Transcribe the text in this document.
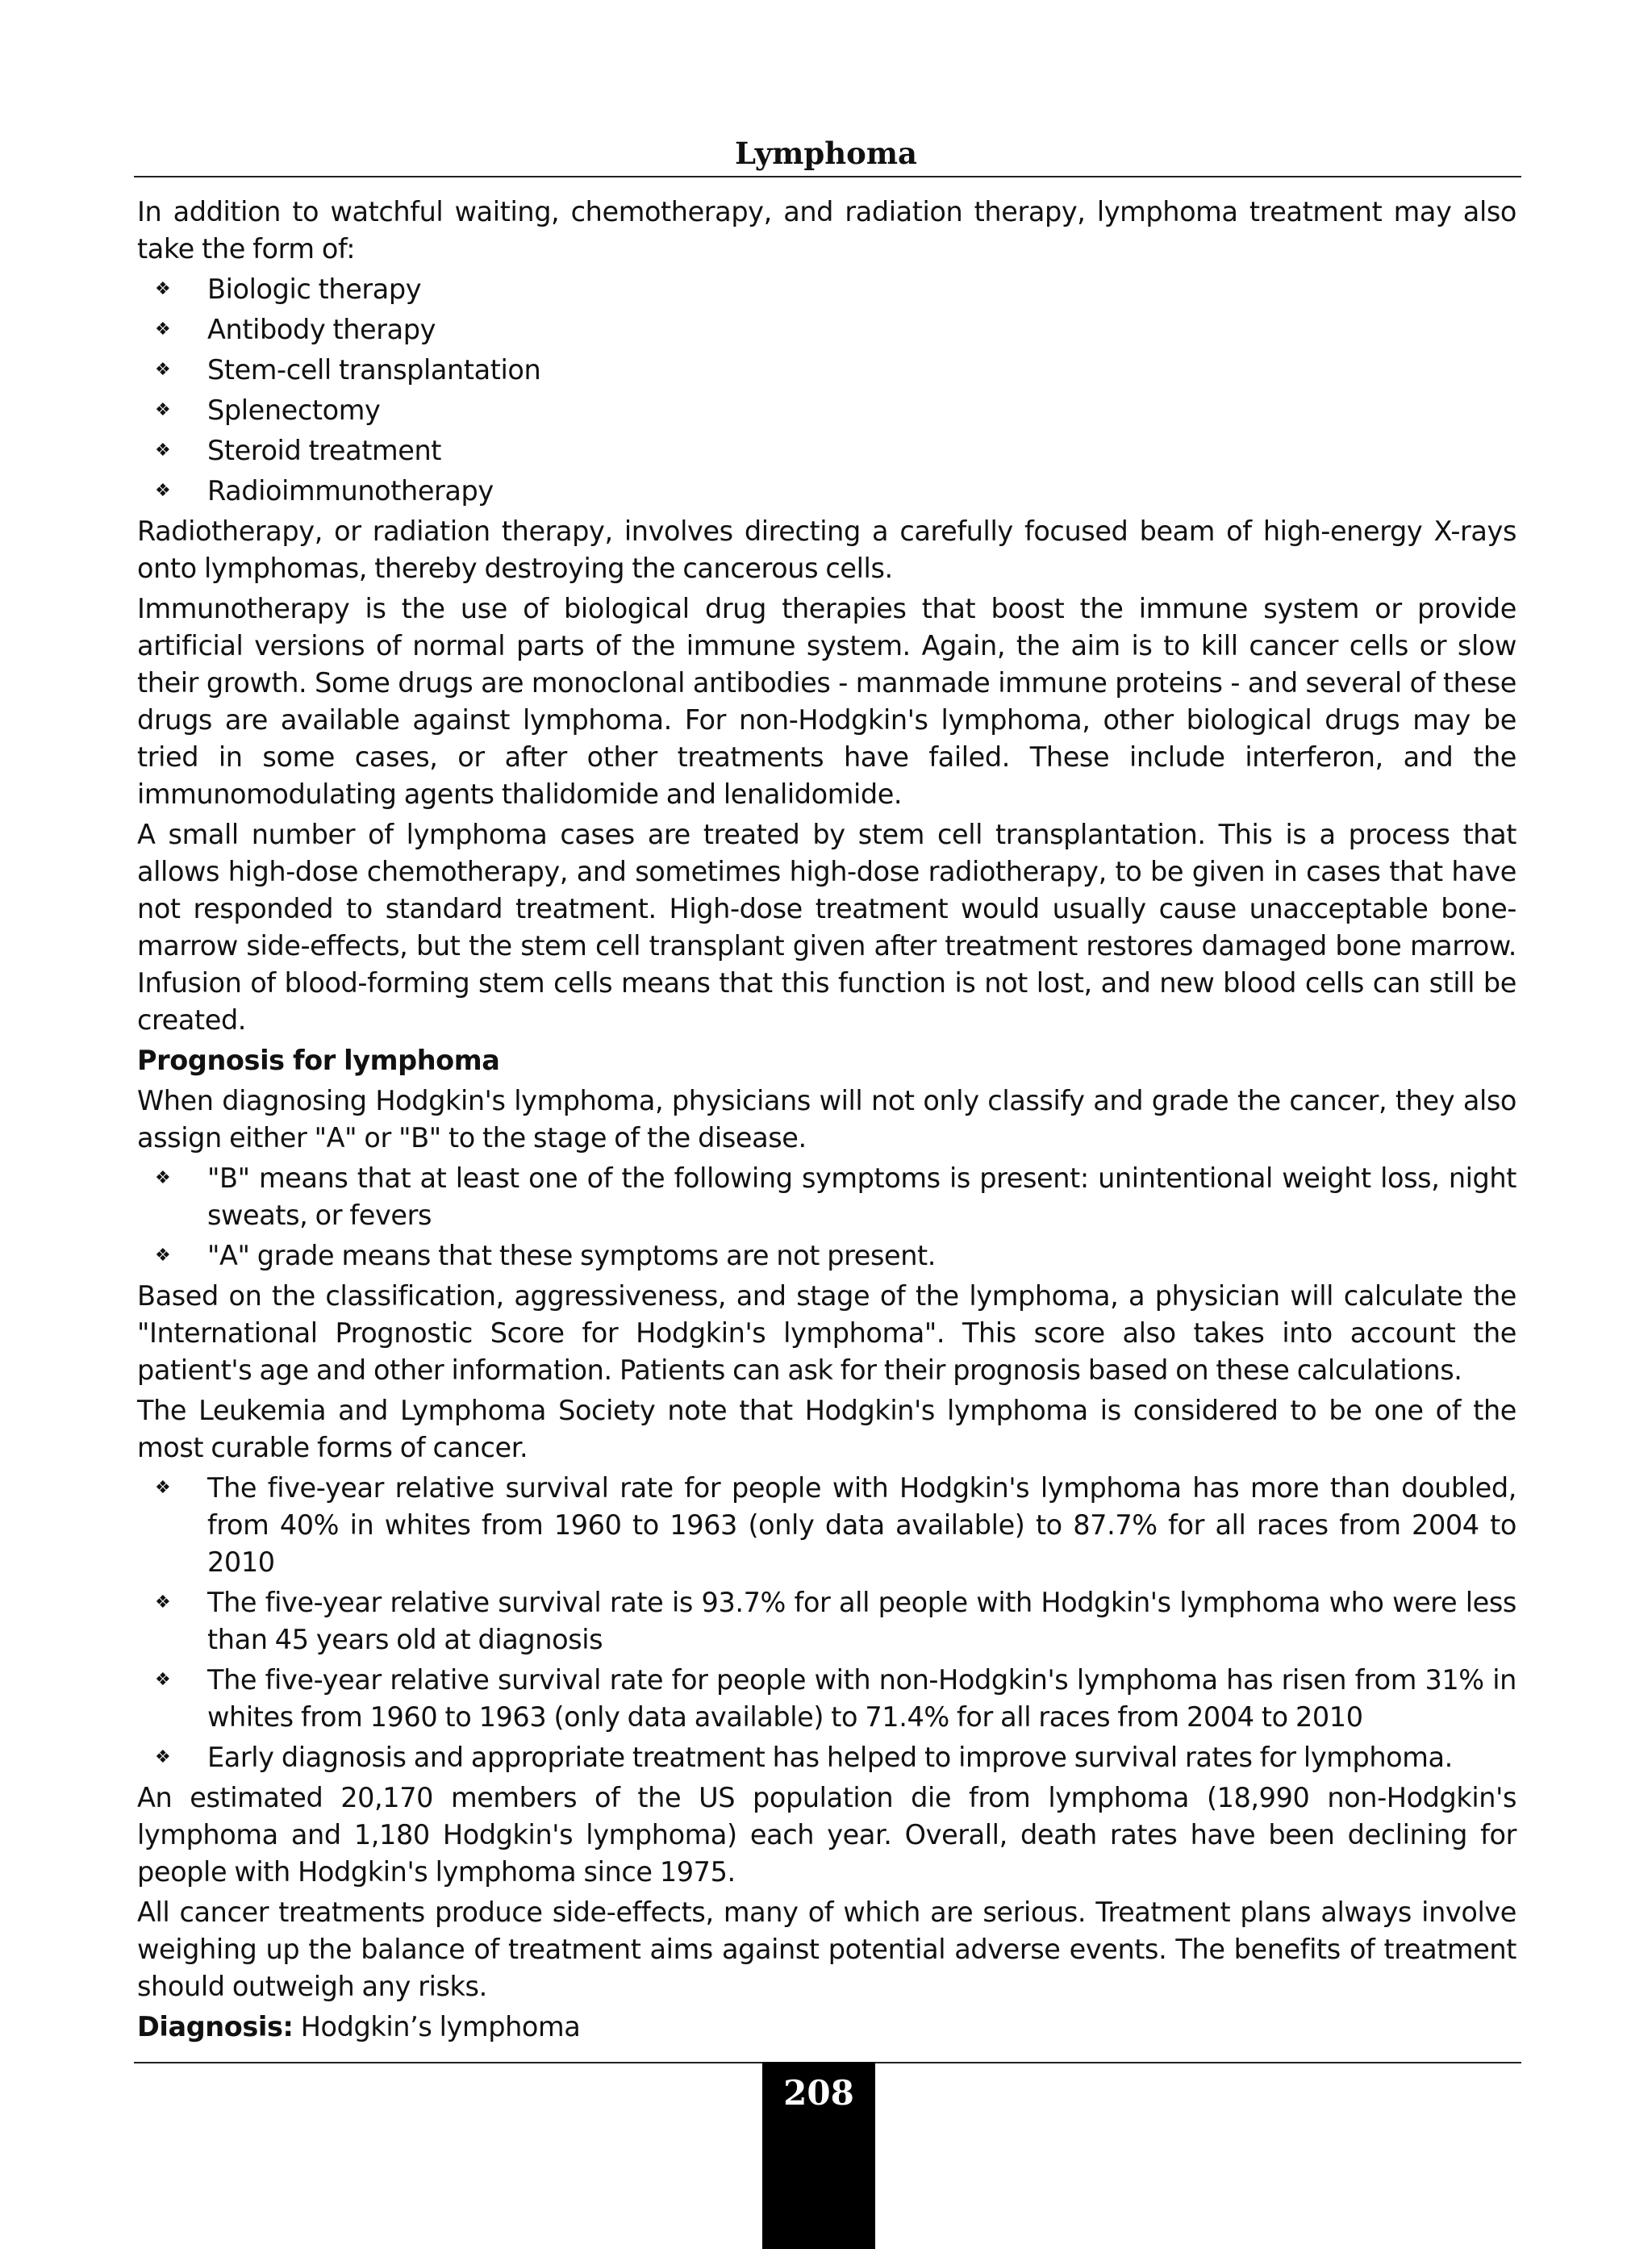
Lymphoma

In addition to watchful waiting, chemotherapy, and radiation therapy, lymphoma treatment may also take the form of:

❖ Biologic therapy
❖ Antibody therapy
❖ Stem-cell transplantation
❖ Splenectomy
❖ Steroid treatment
❖ Radioimmunotherapy

Radiotherapy, or radiation therapy, involves directing a carefully focused beam of high-energy X-rays onto lymphomas, thereby destroying the cancerous cells.

Immunotherapy is the use of biological drug therapies that boost the immune system or provide artificial versions of normal parts of the immune system. Again, the aim is to kill cancer cells or slow their growth. Some drugs are monoclonal antibodies - manmade immune proteins - and several of these drugs are available against lymphoma. For non-Hodgkin's lymphoma, other biological drugs may be tried in some cases, or after other treatments have failed. These include interferon, and the immunomodulating agents thalidomide and lenalidomide.

A small number of lymphoma cases are treated by stem cell transplantation. This is a process that allows high-dose chemotherapy, and sometimes high-dose radiotherapy, to be given in cases that have not responded to standard treatment. High-dose treatment would usually cause unacceptable bone-marrow side-effects, but the stem cell transplant given after treatment restores damaged bone marrow. Infusion of blood-forming stem cells means that this function is not lost, and new blood cells can still be created.

Prognosis for lymphoma

When diagnosing Hodgkin's lymphoma, physicians will not only classify and grade the cancer, they also assign either "A" or "B" to the stage of the disease.

❖ "B" means that at least one of the following symptoms is present: unintentional weight loss, night sweats, or fevers
❖ "A" grade means that these symptoms are not present.

Based on the classification, aggressiveness, and stage of the lymphoma, a physician will calculate the "International Prognostic Score for Hodgkin's lymphoma". This score also takes into account the patient's age and other information. Patients can ask for their prognosis based on these calculations.

The Leukemia and Lymphoma Society note that Hodgkin's lymphoma is considered to be one of the most curable forms of cancer.

❖ The five-year relative survival rate for people with Hodgkin's lymphoma has more than doubled, from 40% in whites from 1960 to 1963 (only data available) to 87.7% for all races from 2004 to 2010
❖ The five-year relative survival rate is 93.7% for all people with Hodgkin's lymphoma who were less than 45 years old at diagnosis
❖ The five-year relative survival rate for people with non-Hodgkin's lymphoma has risen from 31% in whites from 1960 to 1963 (only data available) to 71.4% for all races from 2004 to 2010
❖ Early diagnosis and appropriate treatment has helped to improve survival rates for lymphoma.

An estimated 20,170 members of the US population die from lymphoma (18,990 non-Hodgkin's lymphoma and 1,180 Hodgkin's lymphoma) each year. Overall, death rates have been declining for people with Hodgkin's lymphoma since 1975.

All cancer treatments produce side-effects, many of which are serious. Treatment plans always involve weighing up the balance of treatment aims against potential adverse events. The benefits of treatment should outweigh any risks.

Diagnosis: Hodgkin’s lymphoma

208
